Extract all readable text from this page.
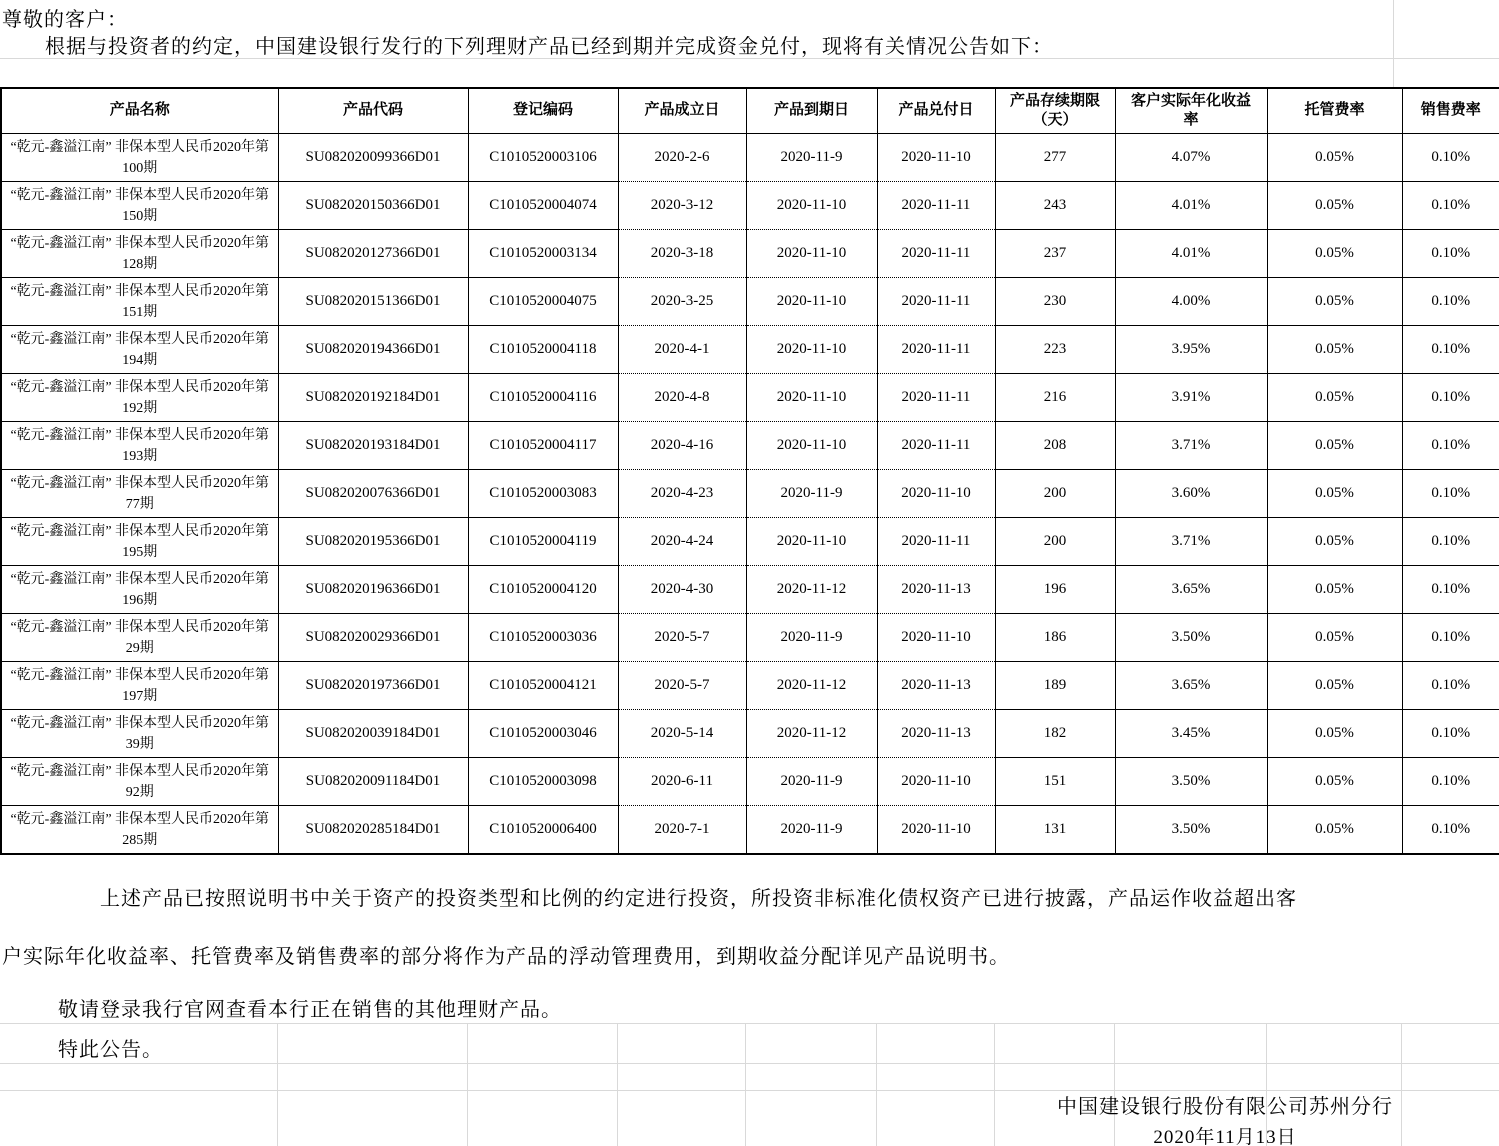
尊敬的客户：
根据与投资者的约定，中国建设银行发行的下列理财产品已经到期并完成资金兑付，现将有关情况公告如下：
产品名称	产品代码	登记编码	产品成立日	产品到期日	产品兑付日	产品存续期限（天）	客户实际年化收益率	托管费率	销售费率
“乾元-鑫溢江南” 非保本型人民币2020年第100期	SU082020099366D01	C1010520003106	2020-2-6	2020-11-9	2020-11-10	277	4.07%	0.05%	0.10%
“乾元-鑫溢江南” 非保本型人民币2020年第150期	SU082020150366D01	C1010520004074	2020-3-12	2020-11-10	2020-11-11	243	4.01%	0.05%	0.10%
“乾元-鑫溢江南” 非保本型人民币2020年第128期	SU082020127366D01	C1010520003134	2020-3-18	2020-11-10	2020-11-11	237	4.01%	0.05%	0.10%
“乾元-鑫溢江南” 非保本型人民币2020年第151期	SU082020151366D01	C1010520004075	2020-3-25	2020-11-10	2020-11-11	230	4.00%	0.05%	0.10%
“乾元-鑫溢江南” 非保本型人民币2020年第194期	SU082020194366D01	C1010520004118	2020-4-1	2020-11-10	2020-11-11	223	3.95%	0.05%	0.10%
“乾元-鑫溢江南” 非保本型人民币2020年第192期	SU082020192184D01	C1010520004116	2020-4-8	2020-11-10	2020-11-11	216	3.91%	0.05%	0.10%
“乾元-鑫溢江南” 非保本型人民币2020年第193期	SU082020193184D01	C1010520004117	2020-4-16	2020-11-10	2020-11-11	208	3.71%	0.05%	0.10%
“乾元-鑫溢江南” 非保本型人民币2020年第77期	SU082020076366D01	C1010520003083	2020-4-23	2020-11-9	2020-11-10	200	3.60%	0.05%	0.10%
“乾元-鑫溢江南” 非保本型人民币2020年第195期	SU082020195366D01	C1010520004119	2020-4-24	2020-11-10	2020-11-11	200	3.71%	0.05%	0.10%
“乾元-鑫溢江南” 非保本型人民币2020年第196期	SU082020196366D01	C1010520004120	2020-4-30	2020-11-12	2020-11-13	196	3.65%	0.05%	0.10%
“乾元-鑫溢江南” 非保本型人民币2020年第29期	SU082020029366D01	C1010520003036	2020-5-7	2020-11-9	2020-11-10	186	3.50%	0.05%	0.10%
“乾元-鑫溢江南” 非保本型人民币2020年第197期	SU082020197366D01	C1010520004121	2020-5-7	2020-11-12	2020-11-13	189	3.65%	0.05%	0.10%
“乾元-鑫溢江南” 非保本型人民币2020年第39期	SU082020039184D01	C1010520003046	2020-5-14	2020-11-12	2020-11-13	182	3.45%	0.05%	0.10%
“乾元-鑫溢江南” 非保本型人民币2020年第92期	SU082020091184D01	C1010520003098	2020-6-11	2020-11-9	2020-11-10	151	3.50%	0.05%	0.10%
“乾元-鑫溢江南” 非保本型人民币2020年第285期	SU082020285184D01	C1010520006400	2020-7-1	2020-11-9	2020-11-10	131	3.50%	0.05%	0.10%
上述产品已按照说明书中关于资产的投资类型和比例的约定进行投资，所投资非标准化债权资产已进行披露，产品运作收益超出客
户实际年化收益率、托管费率及销售费率的部分将作为产品的浮动管理费用，到期收益分配详见产品说明书。
敬请登录我行官网查看本行正在销售的其他理财产品。
特此公告。
中国建设银行股份有限公司苏州分行
2020年11月13日
